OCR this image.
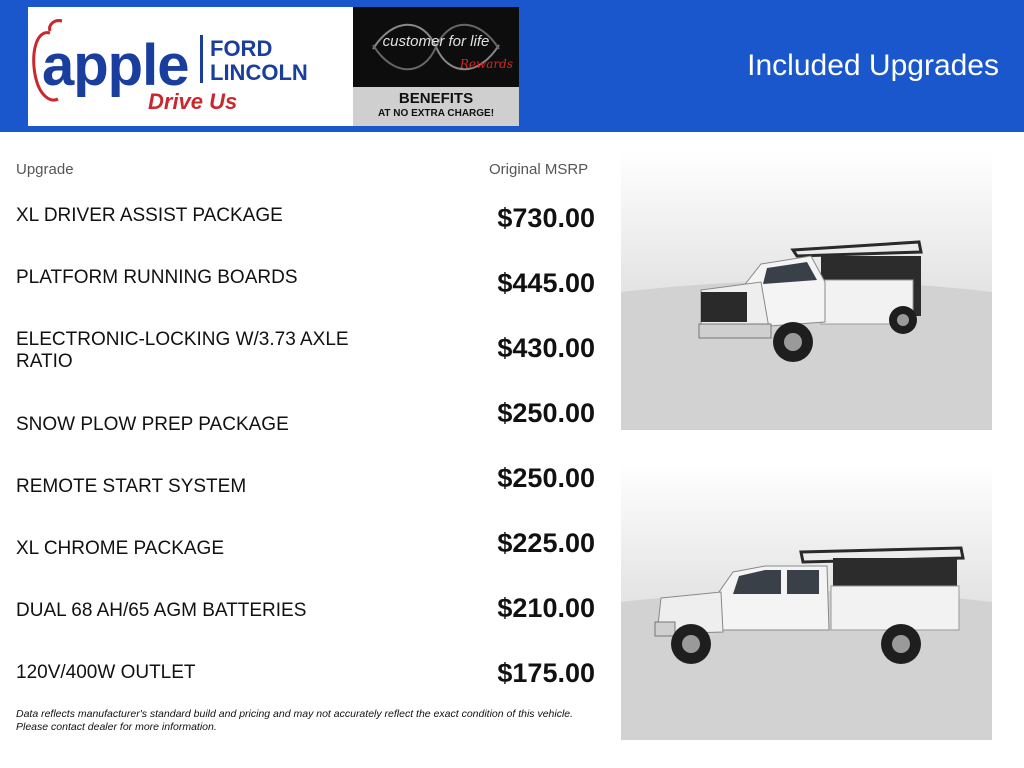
apple FORD
LINCOLN
Drive Us
customer for life
Rewards
BENEFITS
AT NO EXTRA CHARGE!
Included Upgrades
Upgrade	Original MSRP
XL DRIVER ASSIST PACKAGE	$730.00
PLATFORM RUNNING BOARDS	$445.00
ELECTRONIC-LOCKING W/3.73 AXLE RATIO	$430.00
SNOW PLOW PREP PACKAGE	$250.00
REMOTE START SYSTEM	$250.00
XL CHROME PACKAGE	$225.00
DUAL 68 AH/65 AGM BATTERIES	$210.00
120V/400W OUTLET	$175.00
Data reflects manufacturer's standard build and pricing and may not accurately reflect the exact condition of this vehicle.
Please contact dealer for more information.
